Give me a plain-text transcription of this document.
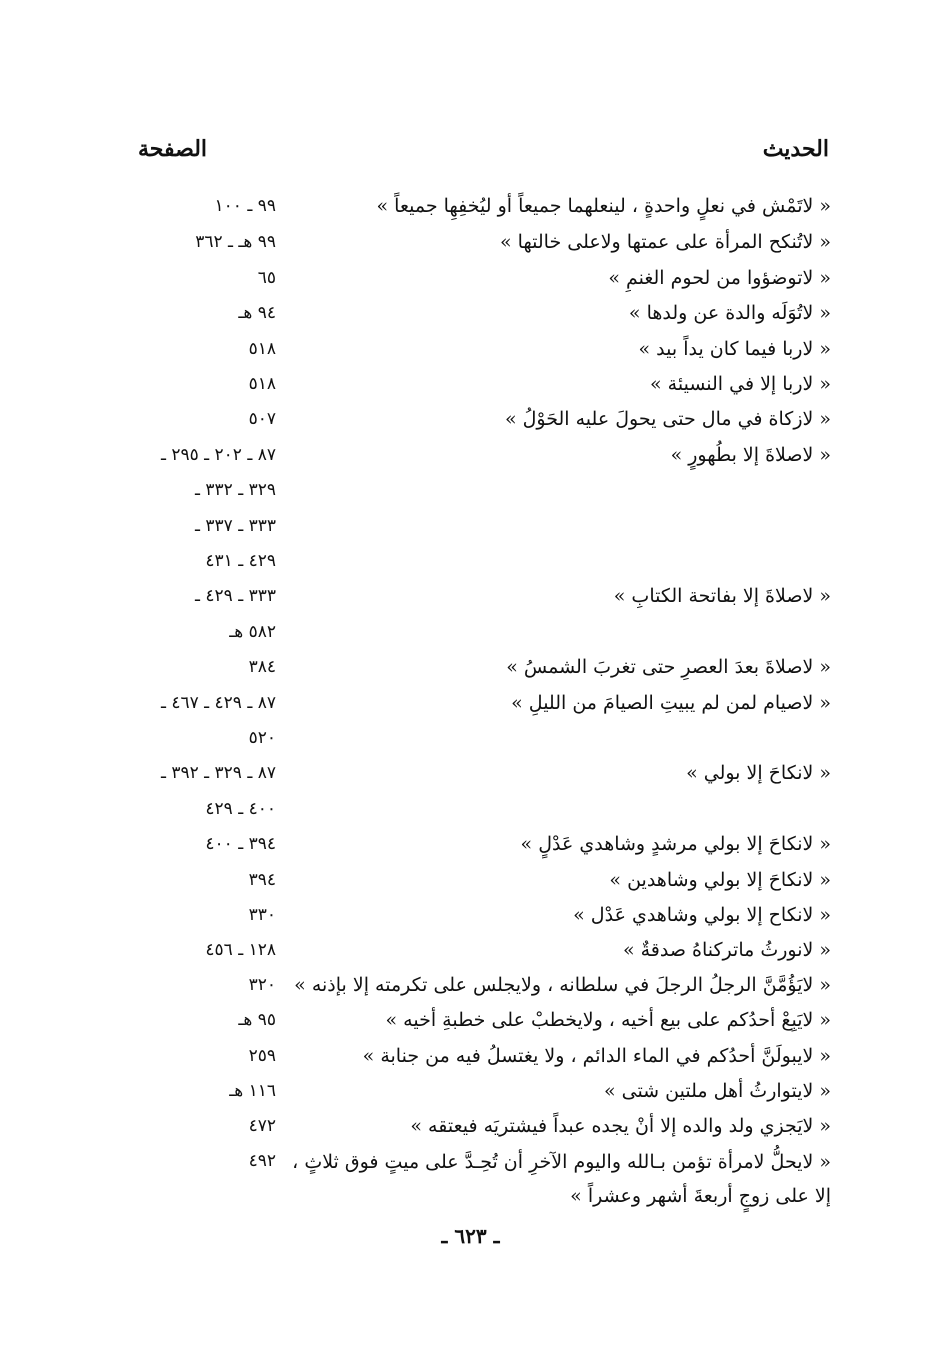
الحديث
الصفحة
« لاتَمْش في نعلٍ واحدةٍ ، لينعلهما جميعاً أو ليُخفِهِا جميعاً »
٩٩ ـ ١٠٠
« لاتُنكح المرأة على عمتها ولاعلى خالتها »
٩٩ هـ ـ ٣٦٢
« لاتوضؤوا من لحوم الغنمِ »
٦٥
« لاتُوَلَه والدة عن ولدها »
٩٤ هـ
« لاربا فيما كان يداً بيد »
٥١٨
« لاربا إلا في النسيئة »
٥١٨
« لازكاة في مال حتى يحولَ عليه الحَوْلُ »
٥٠٧
« لاصلاةَ إلا بطُهورٍ »
٨٧ ـ ٢٠٢ ـ ٢٩٥ ـ
٣٢٩ ـ ٣٣٢ ـ
٣٣٣ ـ ٣٣٧ ـ
٤٢٩ ـ ٤٣١
« لاصلاةَ إلا بفاتحة الكتابِ »
٣٣٣ ـ ٤٢٩ ـ
٥٨٢ هـ
« لاصلاةَ بعدَ العصرِ حتى تغربَ الشمسُ »
٣٨٤
« لاصيام لمن لم يبيتِ الصيامَ من الليلِ »
٨٧ ـ ٤٢٩ ـ ٤٦٧ ـ
٥٢٠
« لانكاحَ إلا بولي »
٨٧ ـ ٣٢٩ ـ ٣٩٢ ـ
٤٠٠ ـ ٤٢٩
« لانكاحَ إلا بولي مرشدٍ وشاهدي عَدْلٍ »
٣٩٤ ـ ٤٠٠
« لانكاحَ إلا بولي وشاهدين »
٣٩٤
« لانكاح إلا بولي وشاهدي عَدْل »
٣٣٠
« لانورثُ ماتركناهُ صدقةٌ »
١٢٨ ـ ٤٥٦
« لايَؤُمَّنَّ الرجلُ الرجلَ في سلطانه ، ولايجلس على تكرمته إلا بإذنه »
٣٢٠
« لايَبِعْ أحدُكم على بيع أخيه ، ولايخطبْ على خطبةِ أخيه »
٩٥ هـ
« لايبولَنَّ أحدُكم في الماء الدائم ، ولا يغتسلُ فيه من جنابة »
٢٥٩
« لايتوارثُ أهل ملتين شتى »
١١٦ هـ
« لايَجزي ولد والده إلا أنْ يجده عبداً فيشتريَه فيعتقه »
٤٧٢
« لايحلُّ لامرأة تؤمن بـالله واليوم الآخرِ أن تُحِـدَّ على ميتٍ فوق ثلاثٍ ، إلا على زوجٍ أربعةَ أشهر وعشراً »
٤٩٢
ـ ٦٢٣ ـ
